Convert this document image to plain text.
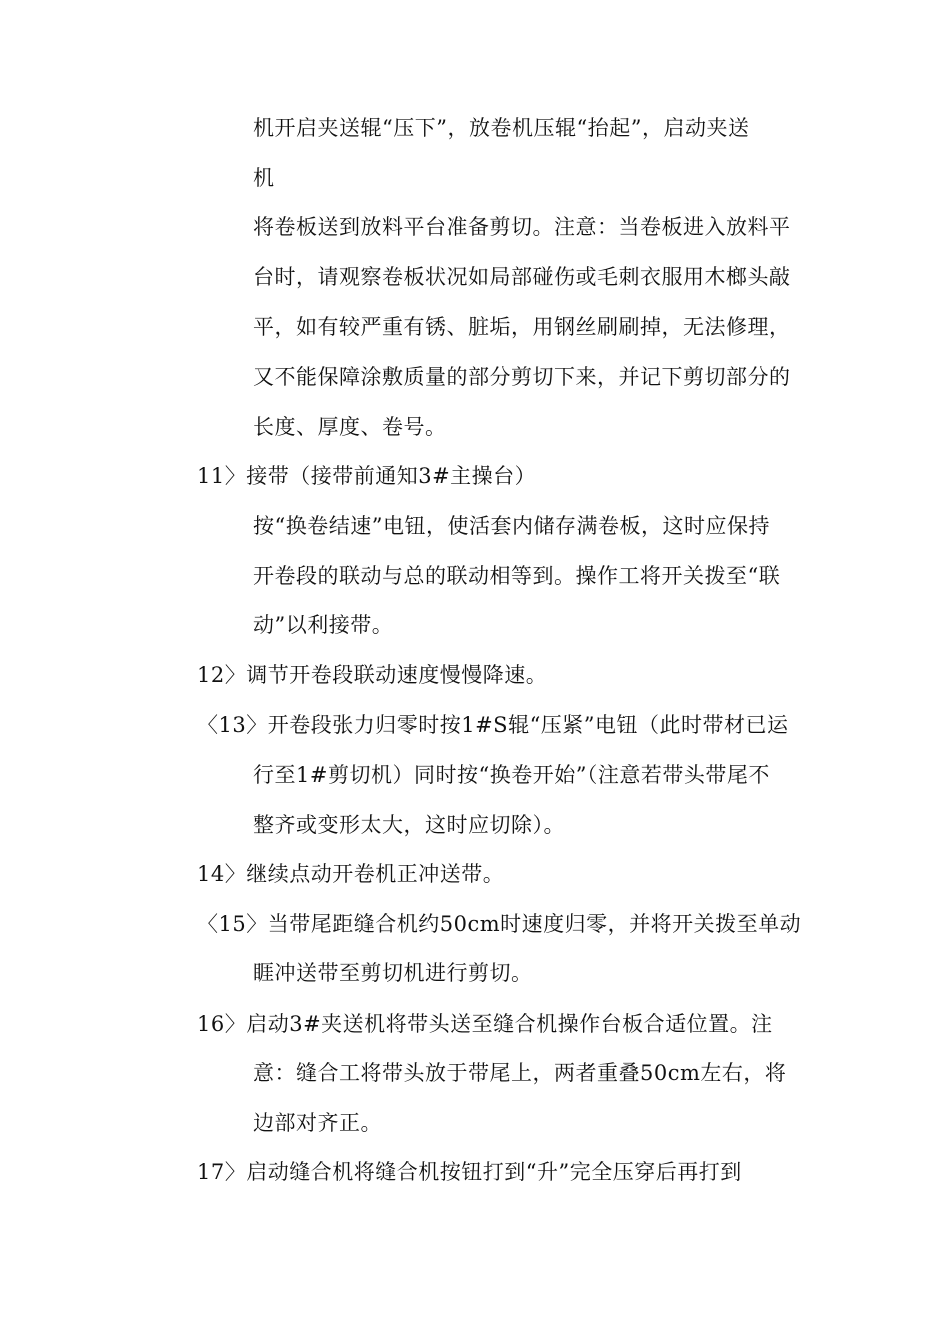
机开启夹送辊“压下”，放卷机压辊“抬起”，启动夹送
机
将卷板送到放料平台准备剪切。注意：当卷板进入放料平
台时，请观察卷板状况如局部碰伤或毛刺衣服用木榔头敲
平，如有较严重有锈、脏垢，用钢丝刷刷掉，无法修理，
又不能保障涂敷质量的部分剪切下来，并记下剪切部分的
长度、厚度、卷号。
11〉接带（接带前通知3#主操台）
按“换卷结速”电钮，使活套内储存满卷板，这时应保持
开卷段的联动与总的联动相等到。操作工将开关拨至“联
动”以利接带。
12〉调节开卷段联动速度慢慢降速。
〈13〉开卷段张力归零时按1#S辊“压紧”电钮（此时带材已运
行至1#剪切机）同时按“换卷开始”（注意若带头带尾不
整齐或变形太大，这时应切除）。
14〉继续点动开卷机正冲送带。
〈15〉当带尾距缝合机约50cm时速度归零，并将开关拨至单动
睚冲送带至剪切机进行剪切。
16〉启动3#夹送机将带头送至缝合机操作台板合适位置。注
意：缝合工将带头放于带尾上，两者重叠50cm左右，将
边部对齐正。
17〉启动缝合机将缝合机按钮打到“升”完全压穿后再打到
